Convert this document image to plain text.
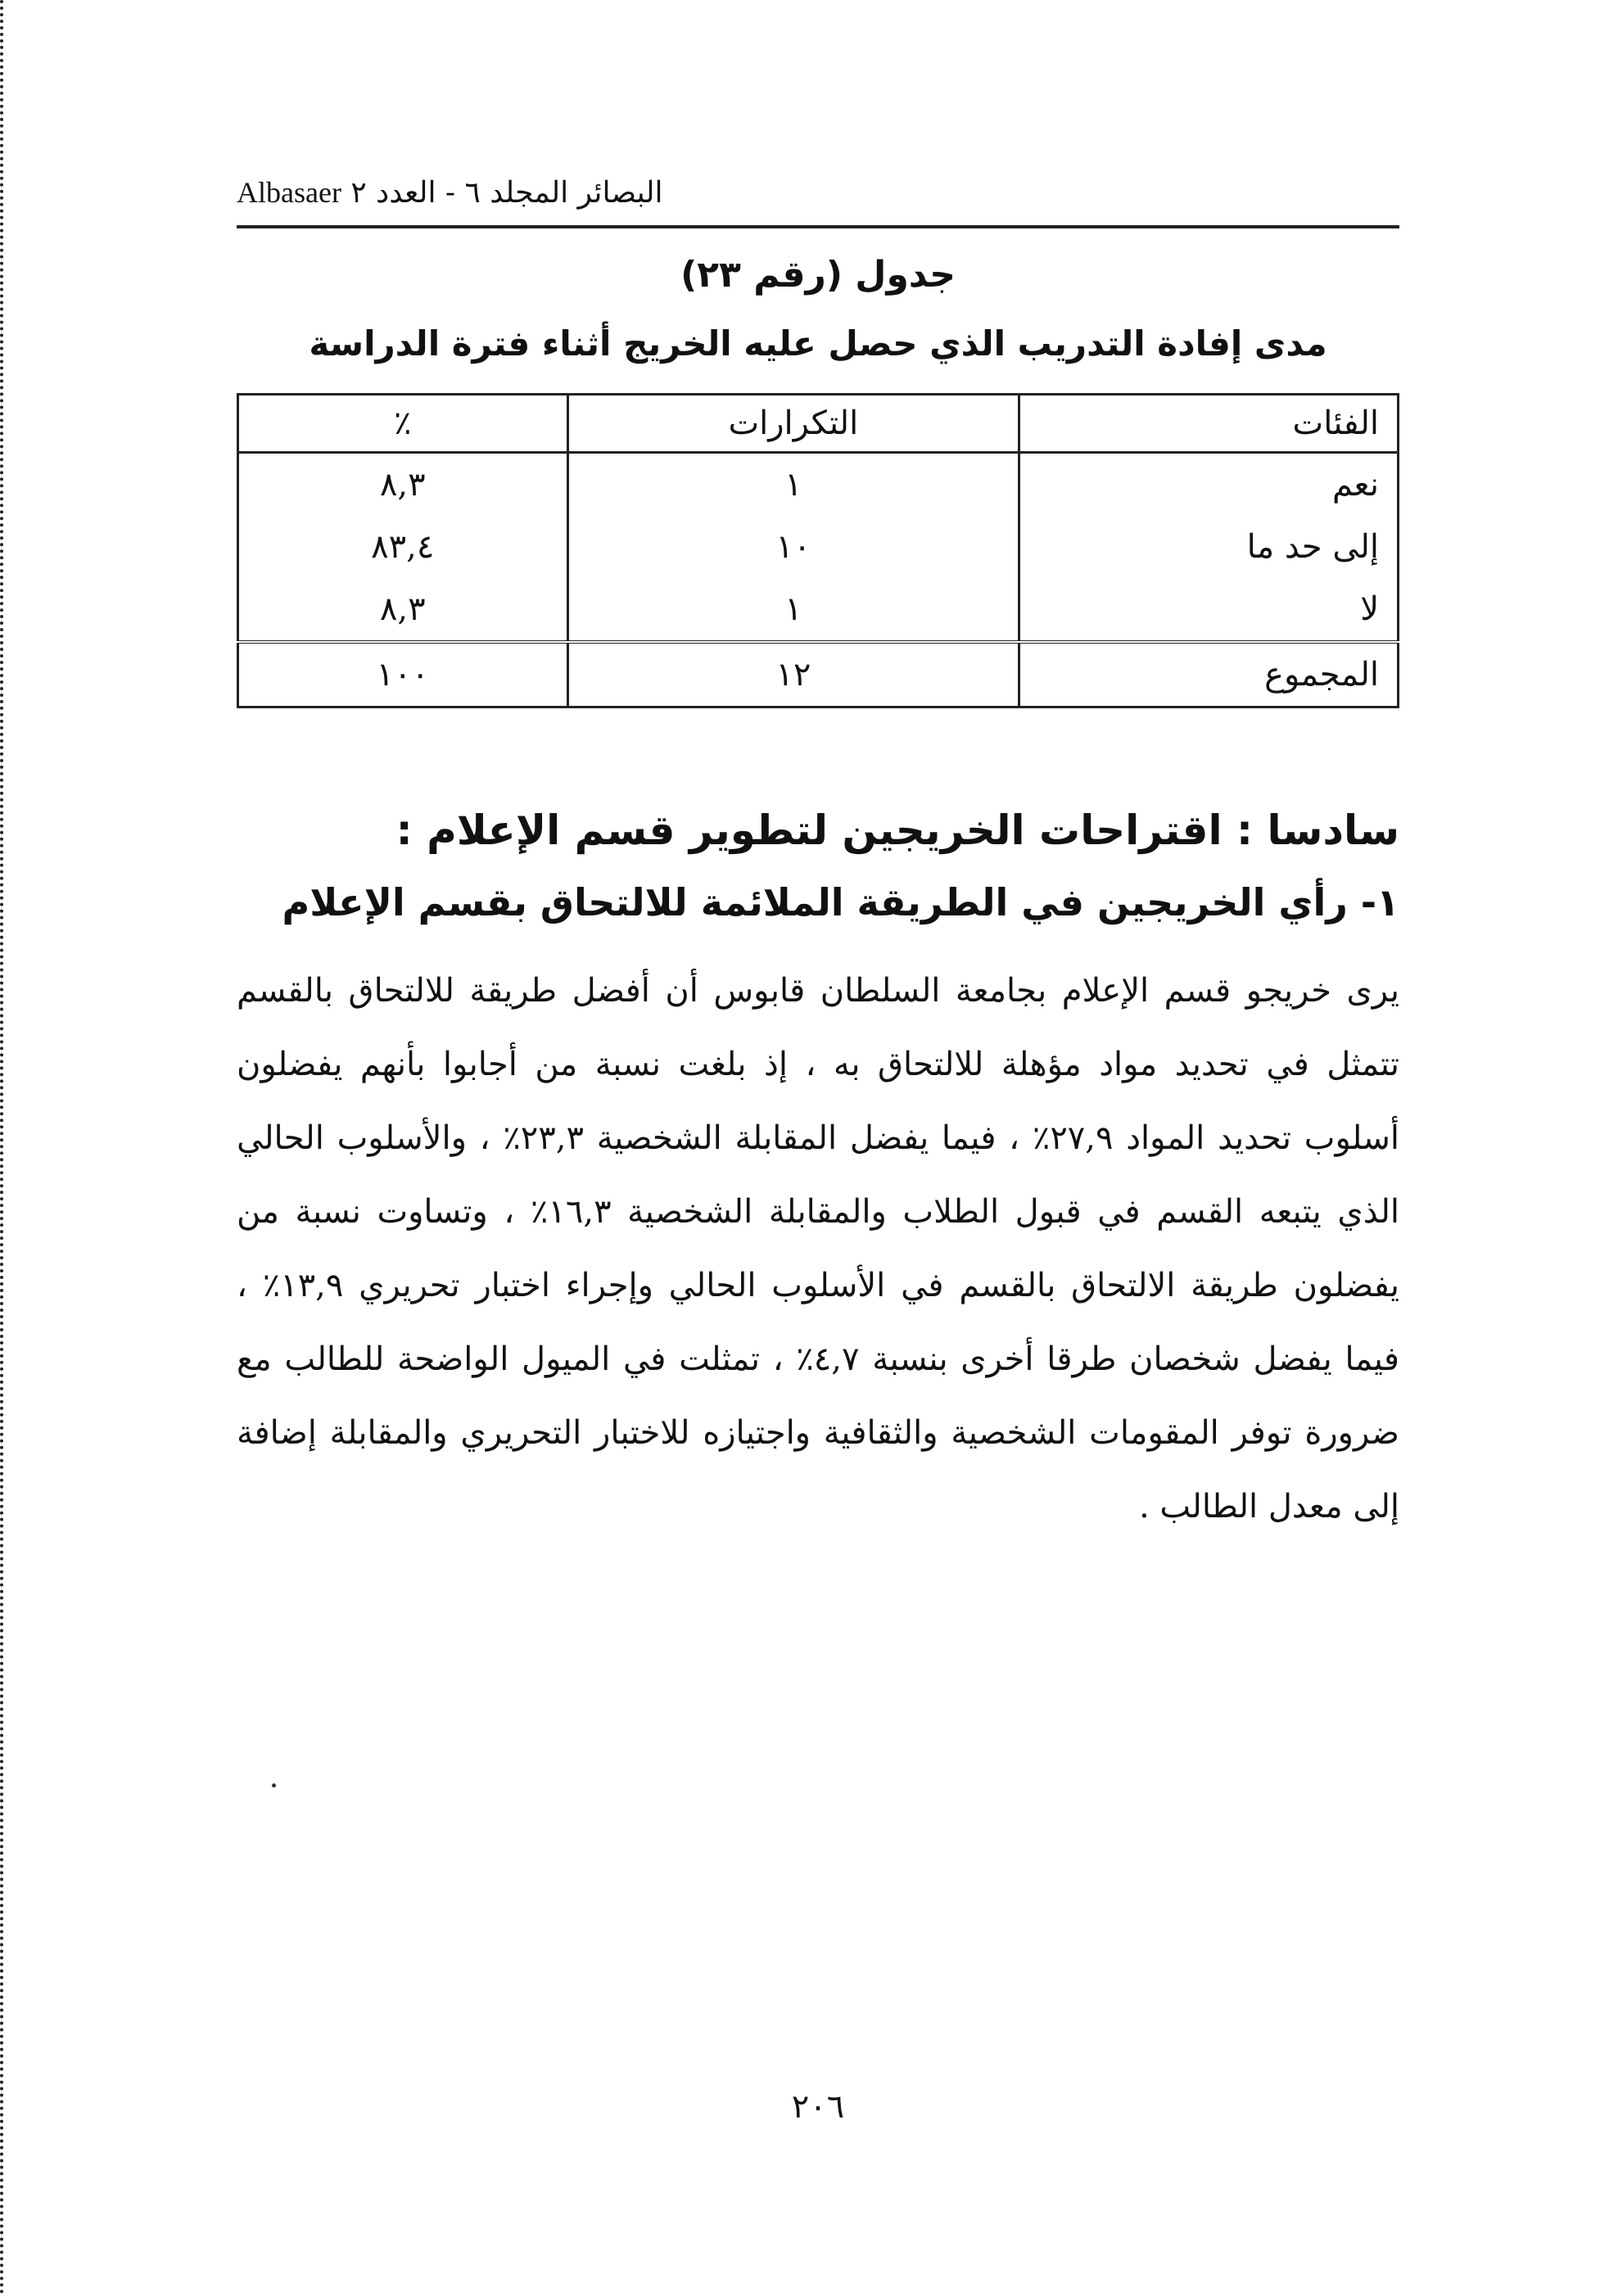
Albasaer البصائر المجلد ٦ - العدد ٢
جدول (رقم ٢٣)
مدى إفادة التدريب الذي حصل عليه الخريج أثناء فترة الدراسة
الفئات	التكرارات	٪
نعم	١	٨,٣
إلى حد ما	١٠	٨٣,٤
لا	١	٨,٣
المجموع	١٢	١٠٠
سادسا : اقتراحات الخريجين لتطوير قسم الإعلام :
١- رأي الخريجين في الطريقة الملائمة للالتحاق بقسم الإعلام

يرى خريجو قسم الإعلام بجامعة السلطان قابوس أن أفضل طريقة للالتحاق بالقسم تتمثل في تحديد مواد مؤهلة للالتحاق به ، إذ بلغت نسبة من أجابوا بأنهم يفضلون أسلوب تحديد المواد ٢٧,٩٪ ، فيما يفضل المقابلة الشخصية ٢٣,٣٪ ، والأسلوب الحالي الذي يتبعه القسم في قبول الطلاب والمقابلة الشخصية ١٦,٣٪ ، وتساوت نسبة من يفضلون طريقة الالتحاق بالقسم في الأسلوب الحالي وإجراء اختبار تحريري ١٣,٩٪ ، فيما يفضل شخصان طرقا أخرى بنسبة ٤,٧٪ ، تمثلت في الميول الواضحة للطالب مع ضرورة توفر المقومات الشخصية والثقافية واجتيازه للاختبار التحريري والمقابلة إضافة إلى معدل الطالب .

٢٠٦
